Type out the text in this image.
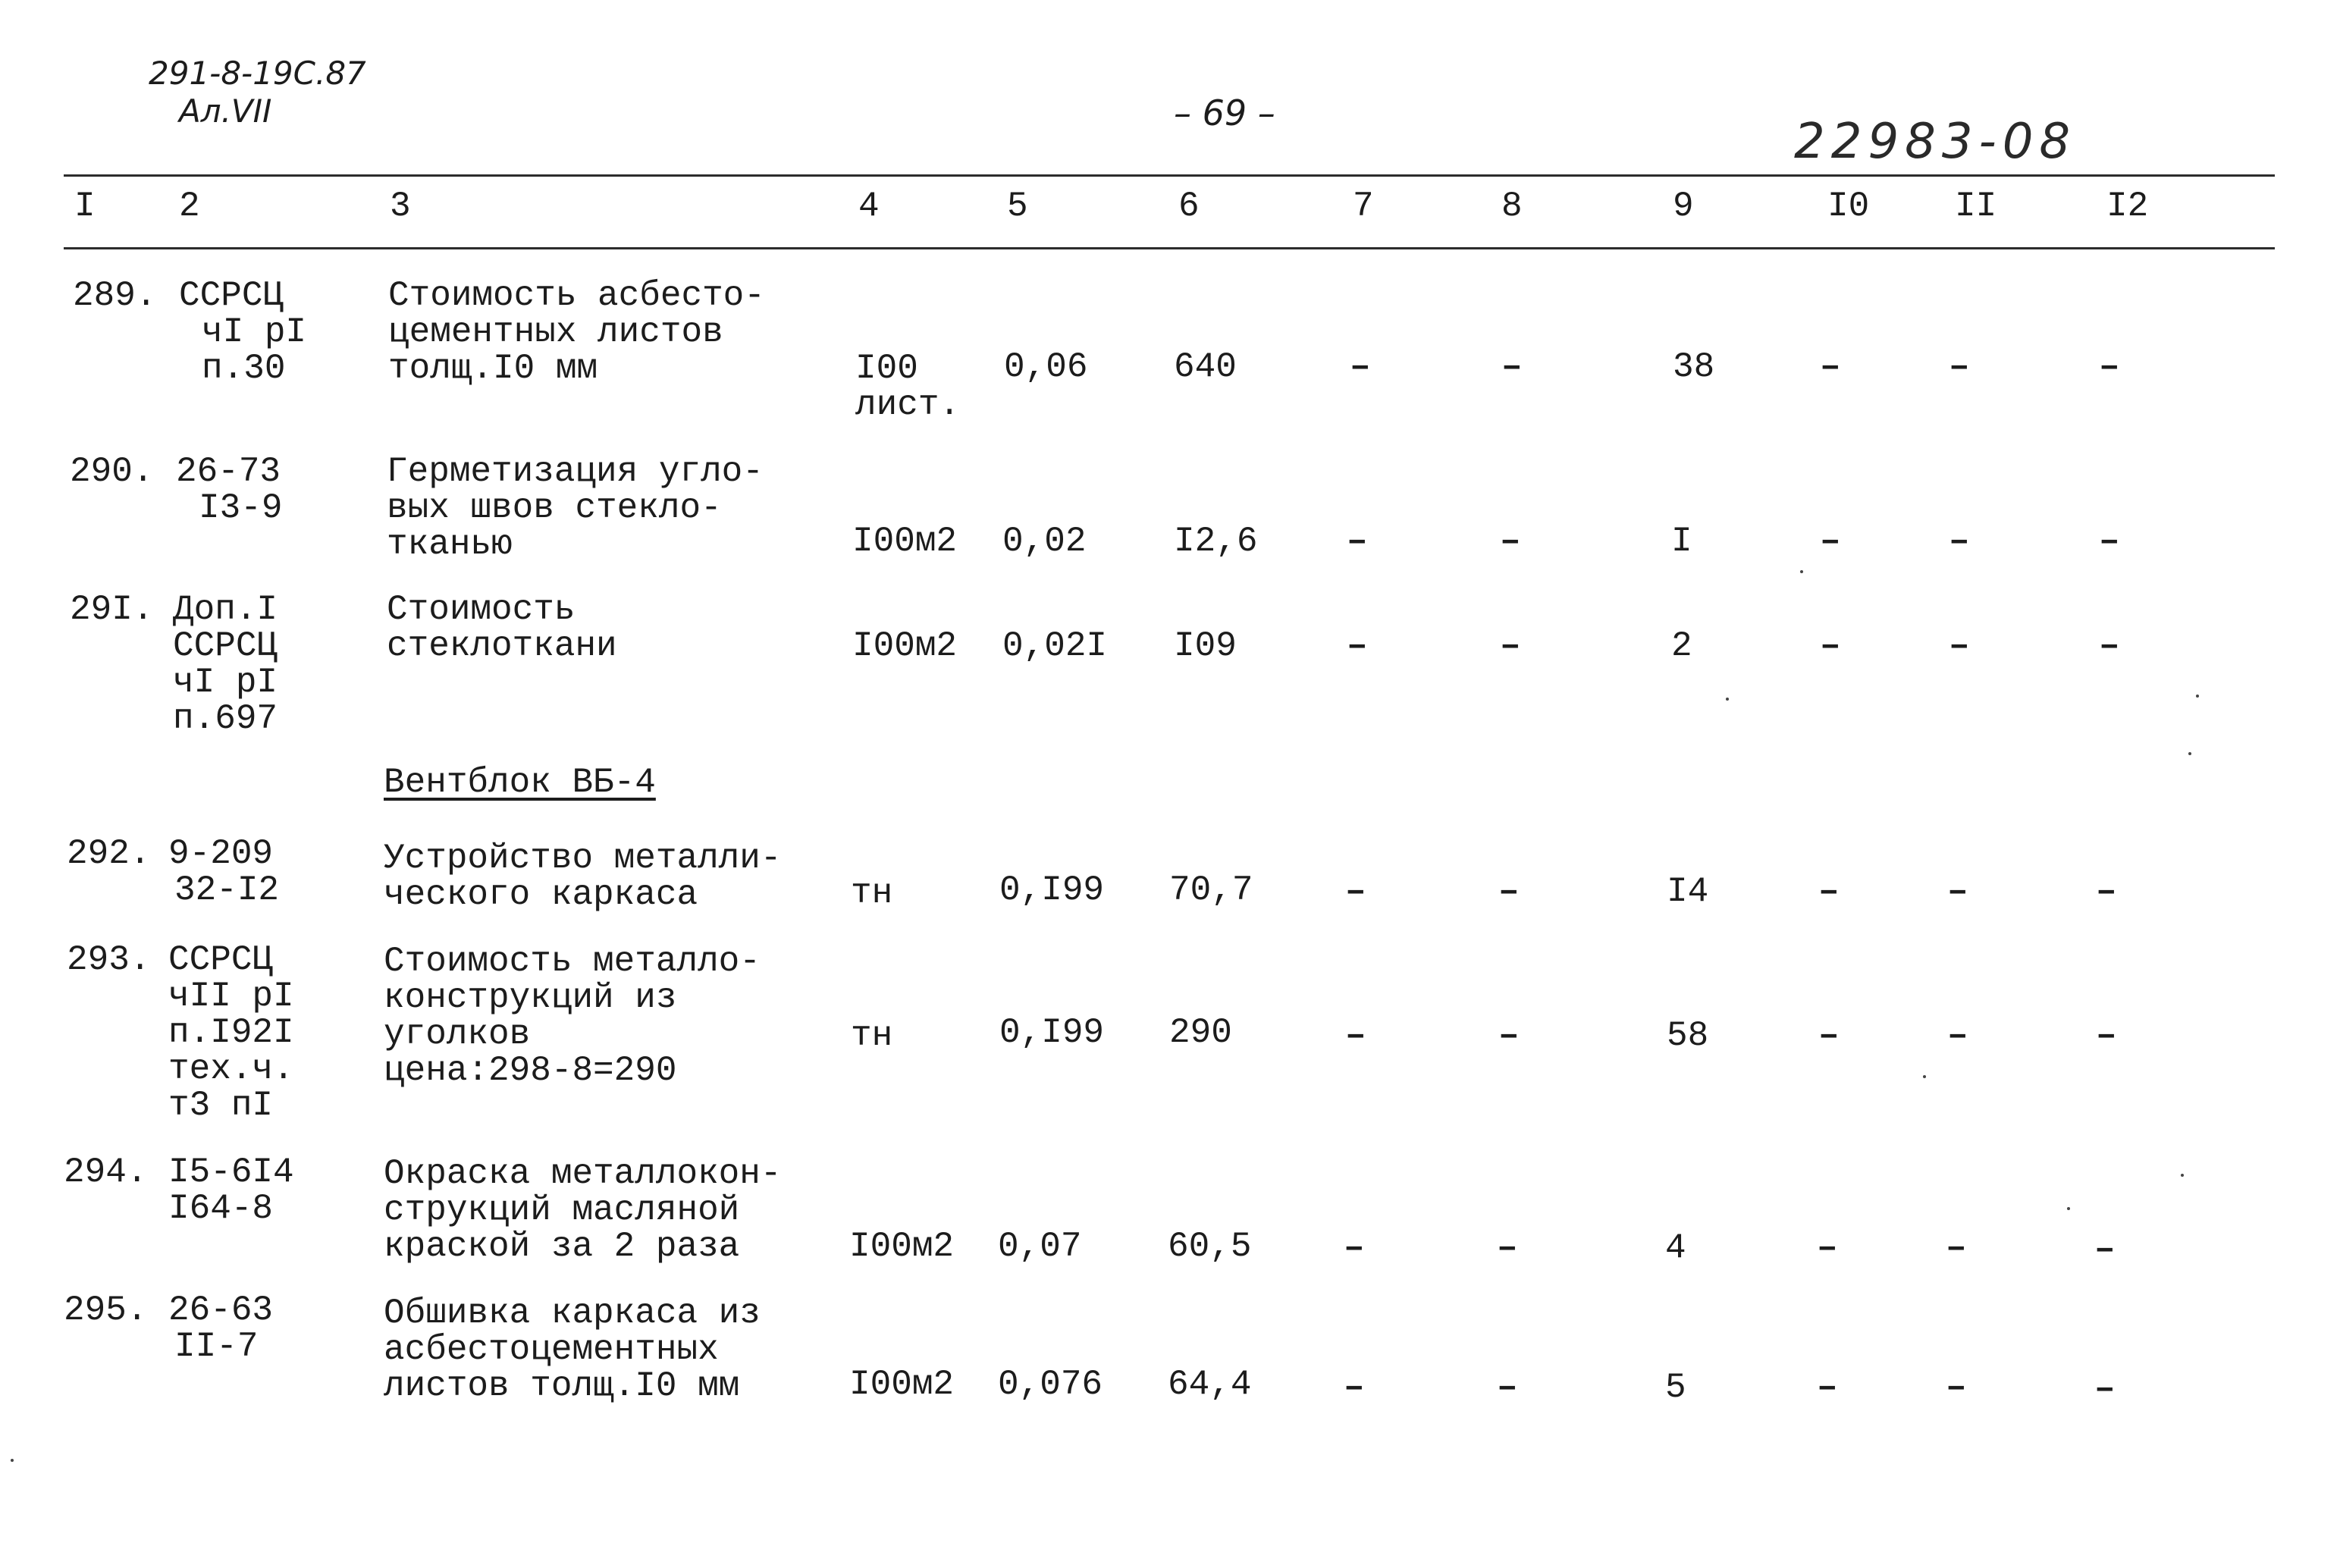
291-8-19С.87
Ал.VII	– 69 –
22983-08
I 2	3	4	5	6	7	8	9	I0 II	I2
289. ССРСЦ
чI рI
п.30
Стоимость асбесто-
цементных листов
толщ.I0 мм	I00
лист.
0,06 640	–	–	38	–	–	–
290. 26-73
I3-9
Герметизация угло-
вых швов стекло-
тканью	I00м2 0,02	I2,6	–	–	I	–	–	–
29I. Доп.I
ССРСЦ
чI рI
п.697
Стоимость
стеклоткани	I00м2 0,02I I09	–	–	2	–	–	–
Вентблок ВБ-4
292. 9-209
32-I2
Устройство металли-
ческого каркаса	тн	0,I99 70,7	–	–	I4	–	–	–
293. ССРСЦ
чII рI
п.I92I
тех.ч.
т3 пI
Стоимость металло-
конструкций из
уголков
цена:298-8=290
тн	0,I99 290	–	–	58	–	–	–
294. I5-6I4
I64-8
Окраска металлокон-
струкций масляной
краской за 2 раза	I00м2 0,07 60,5	–	–	4	–	–	–
295. 26-63
II-7
Обшивка каркаса из
асбестоцементных
листов толщ.I0 мм	I00м2 0,076 64,4	–	–	5	–	–	–
